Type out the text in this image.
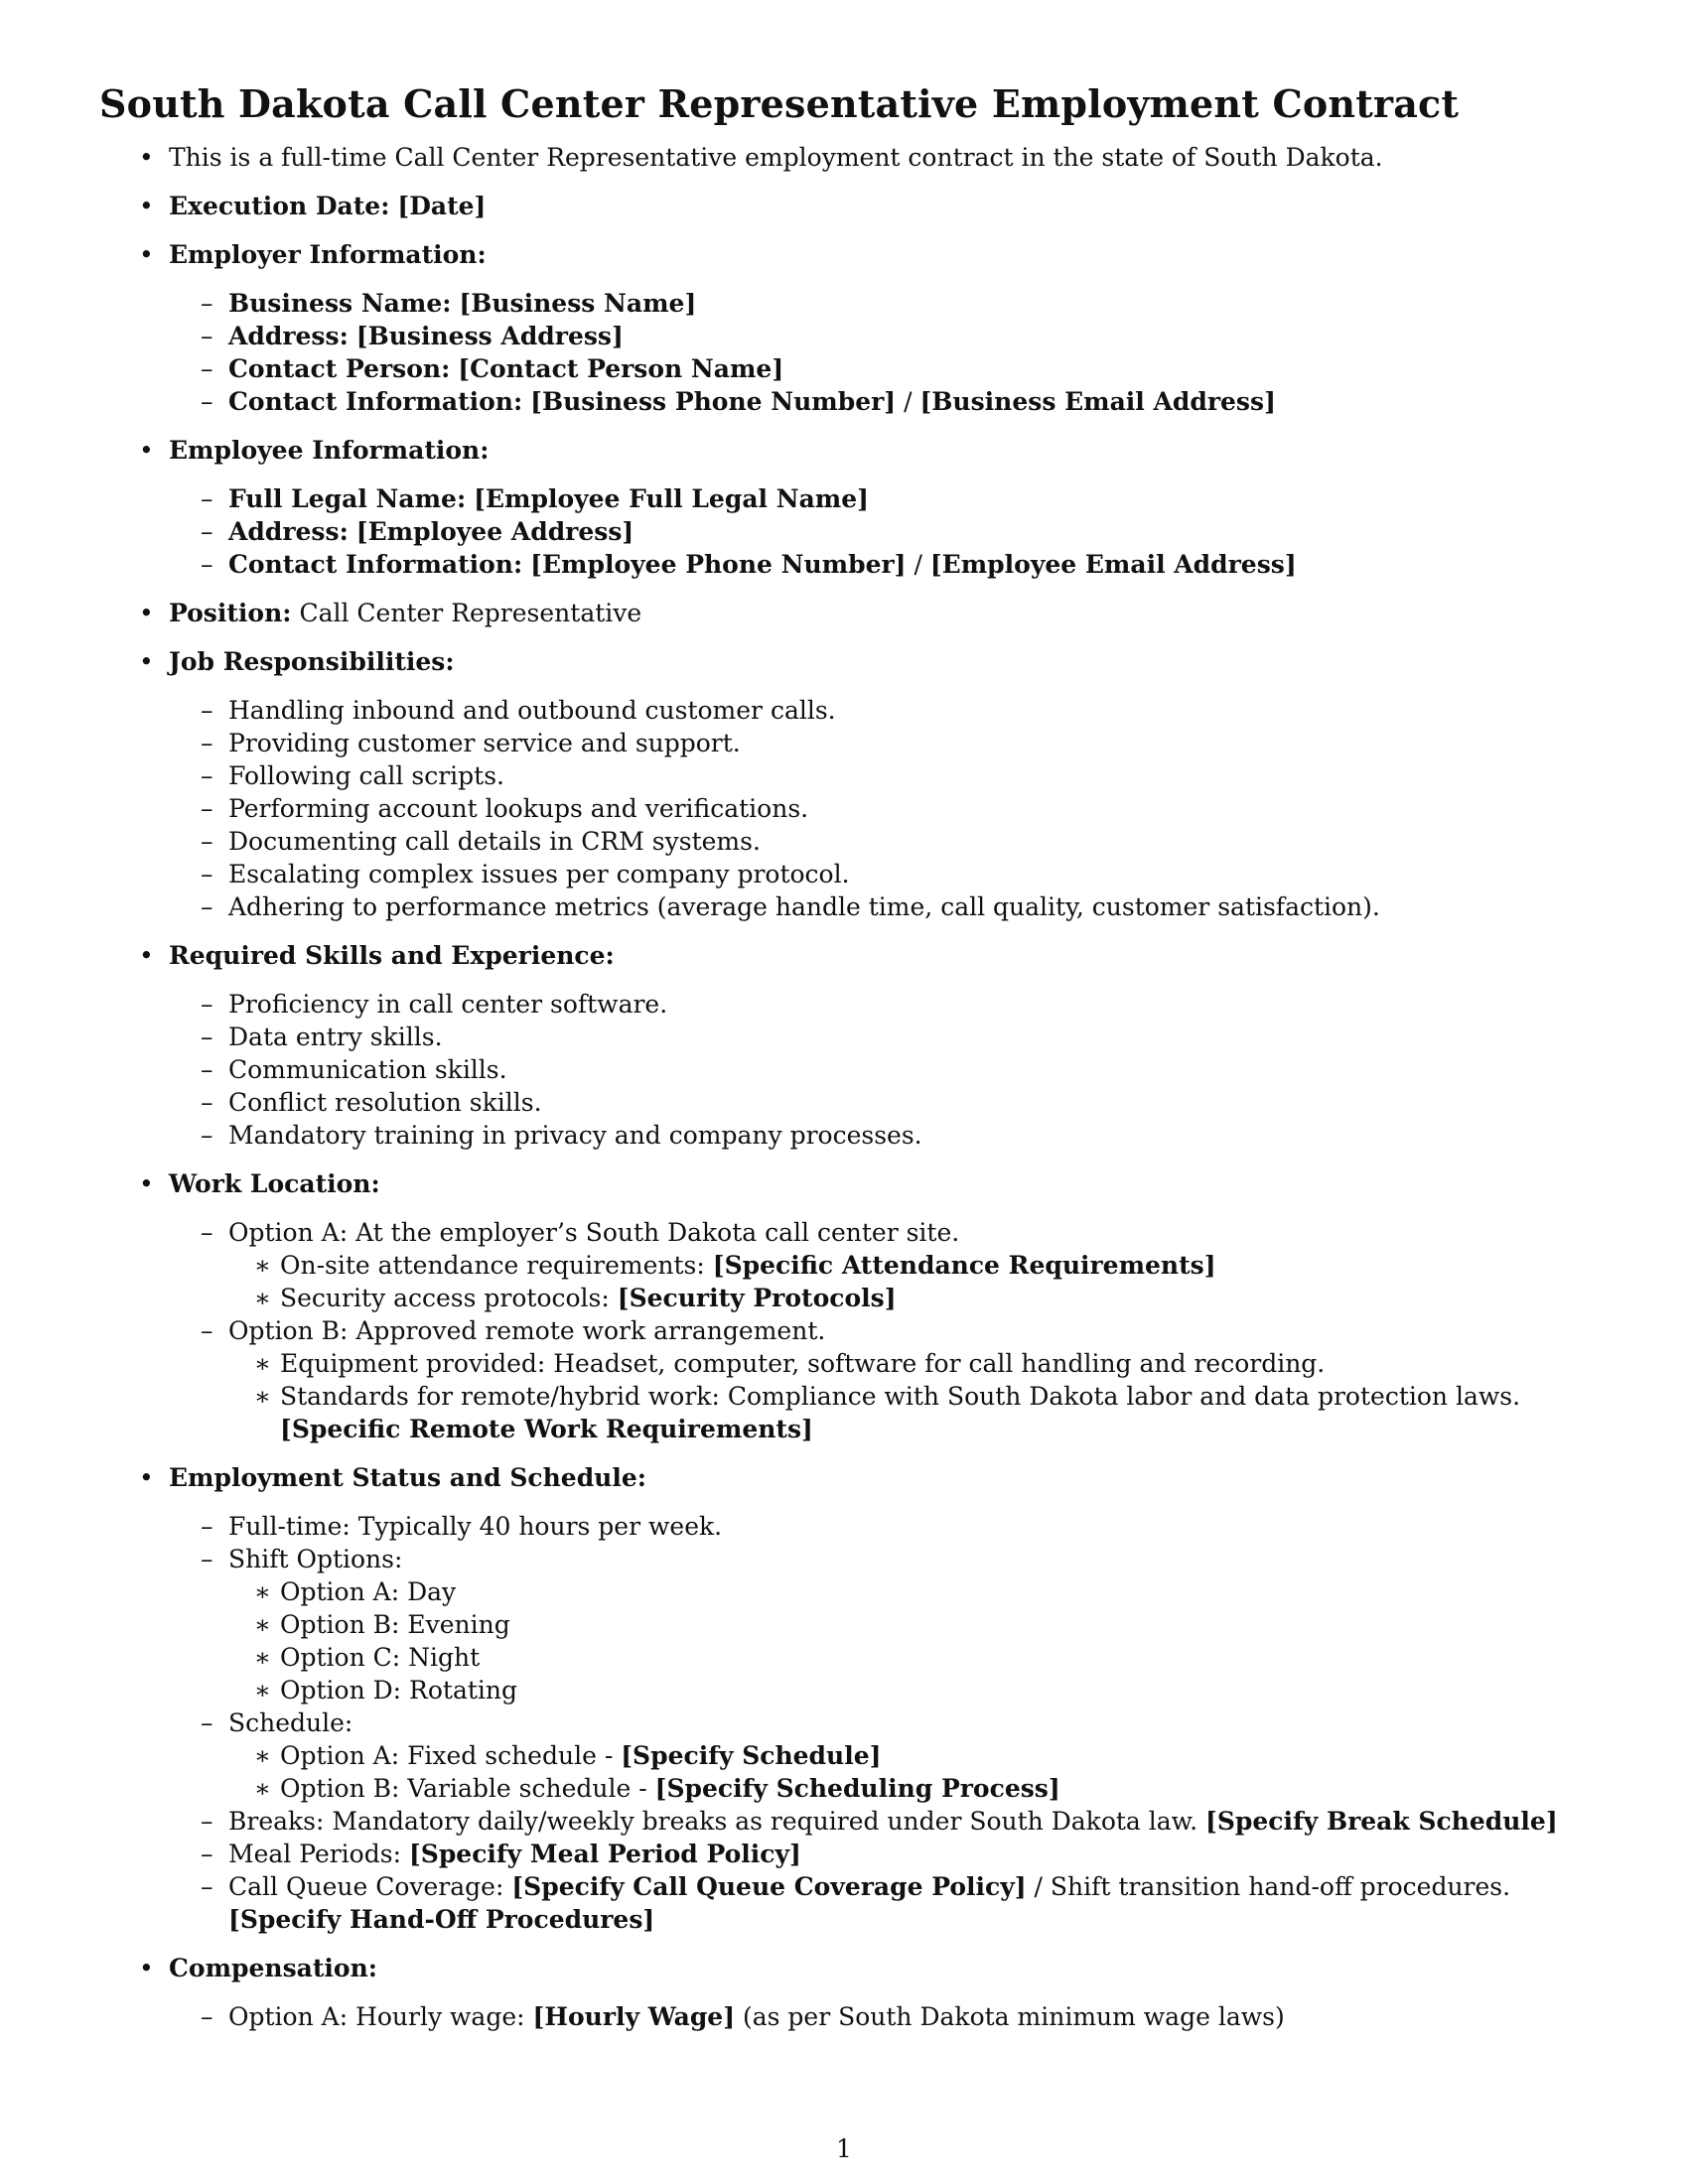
South Dakota Call Center Representative Employment Contract
• This is a full-time Call Center Representative employment contract in the state of South Dakota.
• Execution Date: [Date]
• Employer Information:
– Business Name: [Business Name]
– Address: [Business Address]
– Contact Person: [Contact Person Name]
– Contact Information: [Business Phone Number] / [Business Email Address]
• Employee Information:
– Full Legal Name: [Employee Full Legal Name]
– Address: [Employee Address]
– Contact Information: [Employee Phone Number] / [Employee Email Address]
• Position: Call Center Representative
• Job Responsibilities:
– Handling inbound and outbound customer calls.
– Providing customer service and support.
– Following call scripts.
– Performing account lookups and verifications.
– Documenting call details in CRM systems.
– Escalating complex issues per company protocol.
– Adhering to performance metrics (average handle time, call quality, customer satisfaction).
• Required Skills and Experience:
– Proficiency in call center software.
– Data entry skills.
– Communication skills.
– Conflict resolution skills.
– Mandatory training in privacy and company processes.
• Work Location:
– Option A: At the employer’s South Dakota call center site.
∗ On-site attendance requirements: [Specific Attendance Requirements]
∗ Security access protocols: [Security Protocols]
– Option B: Approved remote work arrangement.
∗ Equipment provided: Headset, computer, software for call handling and recording.
∗ Standards for remote/hybrid work: Compliance with South Dakota labor and data protection laws. [Specific Remote Work Requirements]
• Employment Status and Schedule:
– Full-time: Typically 40 hours per week.
– Shift Options:
∗ Option A: Day
∗ Option B: Evening
∗ Option C: Night
∗ Option D: Rotating
– Schedule:
∗ Option A: Fixed schedule - [Specify Schedule]
∗ Option B: Variable schedule - [Specify Scheduling Process]
– Breaks: Mandatory daily/weekly breaks as required under South Dakota law. [Specify Break Schedule]
– Meal Periods: [Specify Meal Period Policy]
– Call Queue Coverage: [Specify Call Queue Coverage Policy] / Shift transition hand-off procedures. [Specify Hand-Off Procedures]
• Compensation:
– Option A: Hourly wage: [Hourly Wage] (as per South Dakota minimum wage laws)
1
